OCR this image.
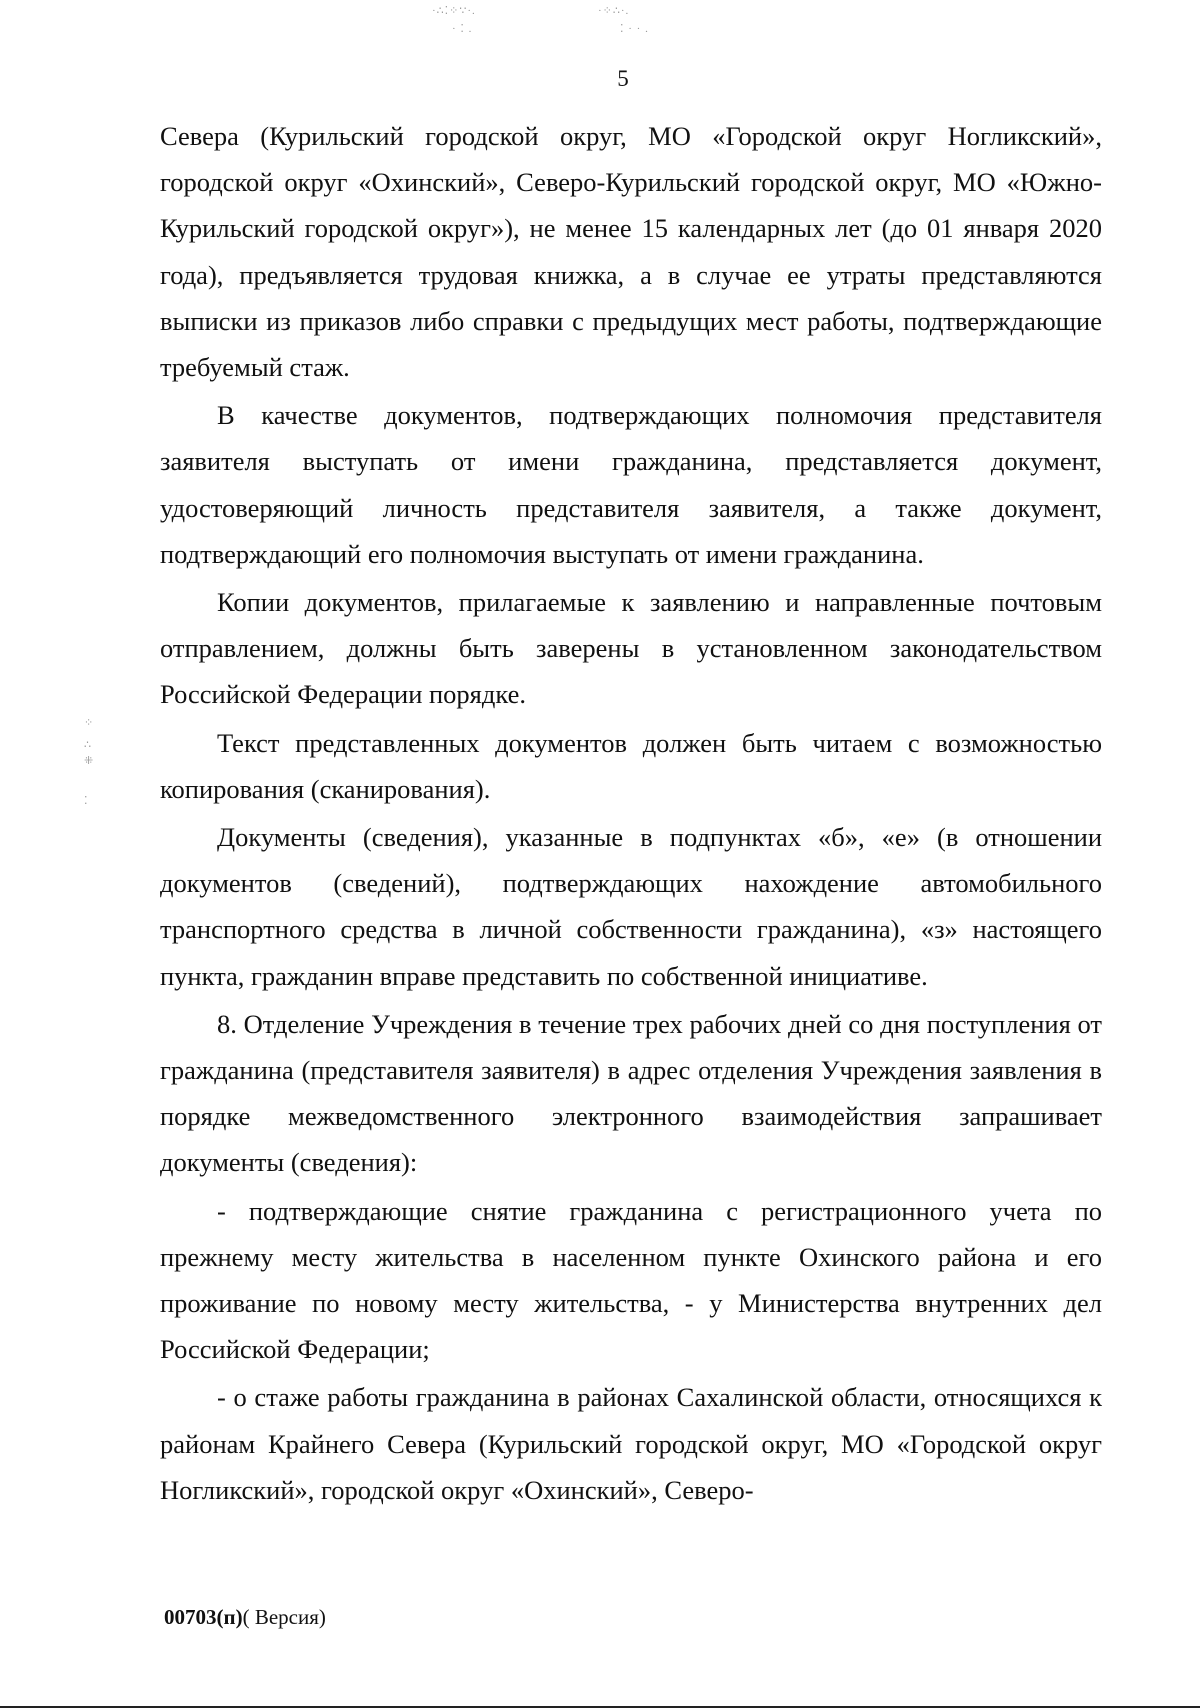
·∴⁚⁘∵·.	·⁘∴·.
· ⁚ .	⁚ · · .
⁘
∴
⁜
⁚
5

Севера (Курильский городской округ, МО «Городской округ Ногликский», городской округ «Охинский», Северо-Курильский городской округ, МО «Южно-Курильский городской округ»), не менее 15 календарных лет (до 01 января 2020 года), предъявляется трудовая книжка, а в случае ее утраты представляются выписки из приказов либо справки с предыдущих мест работы, подтверждающие требуемый стаж.

В качестве документов, подтверждающих полномочия представителя заявителя выступать от имени гражданина, представляется документ, удостоверяющий личность представителя заявителя, а также документ, подтверждающий его полномочия выступать от имени гражданина.

Копии документов, прилагаемые к заявлению и направленные почтовым отправлением, должны быть заверены в установленном законодательством Российской Федерации порядке.

Текст представленных документов должен быть читаем с возможностью копирования (сканирования).

Документы (сведения), указанные в подпунктах «б», «е» (в отношении документов (сведений), подтверждающих нахождение автомобильного транспортного средства в личной собственности гражданина), «з» настоящего пункта, гражданин вправе представить по собственной инициативе.

8. Отделение Учреждения в течение трех рабочих дней со дня поступления от гражданина (представителя заявителя) в адрес отделения Учреждения заявления в порядке межведомственного электронного взаимодействия запрашивает документы (сведения):

- подтверждающие снятие гражданина с регистрационного учета по прежнему месту жительства в населенном пункте Охинского района и его проживание по новому месту жительства, - у Министерства внутренних дел Российской Федерации;

- о стаже работы гражданина в районах Сахалинской области, относящихся к районам Крайнего Севера (Курильский городской округ, МО «Городской округ Ногликский», городской округ «Охинский», Северо-

00703(п)( Версия)
